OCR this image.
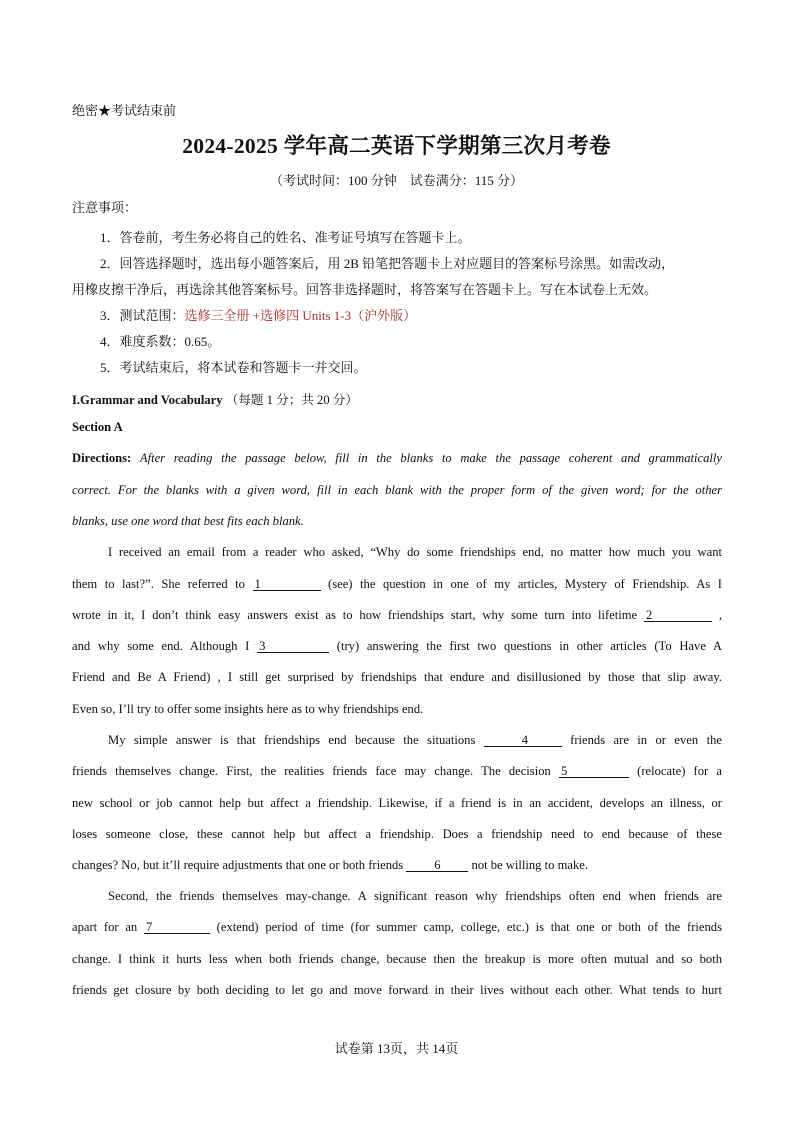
绝密★考试结束前
2024-2025 学年高二英语下学期第三次月考卷
（考试时间：100 分钟　试卷满分：115 分）
注意事项：
1．答卷前，考生务必将自己的姓名、准考证号填写在答题卡上。
2．回答选择题时，选出每小题答案后，用 2B 铅笔把答题卡上对应题目的答案标号涂黑。如需改动，
用橡皮擦干净后，再选涂其他答案标号。回答非选择题时，将答案写在答题卡上。写在本试卷上无效。
3．测试范围：选修三全册 +选修四 Units 1-3（沪外版）
4．难度系数：0.65。
5．考试结束后，将本试卷和答题卡一并交回。
I.Grammar and Vocabulary （每题 1 分；共 20 分）
Section A
Directions: After reading the passage below, fill in the blanks to make the passage coherent and grammatically
correct. For the blanks with a given word, fill in each blank with the proper form of the given word; for the other
blanks, use one word that best fits each blank.
I received an email from a reader who asked, “Why do some friendships end, no matter how much you want
them to last?”. She referred to 1	(see) the question in one of my articles, Mystery of Friendship. As I
wrote in it, I don’t think easy answers exist as to how friendships start, why some turn into lifetime 2	,
and why some end. Although I 3	(try) answering the first two questions in other articles (To Have A
Friend and Be A Friend) , I still get surprised by friendships that endure and disillusioned by those that slip away.
Even so, I’ll try to offer some insights here as to why friendships end.
My simple answer is that friendships end because the situations	4	friends are in or even the
friends themselves change. First, the realities friends face may change. The decision 5	(relocate) for a
new school or job cannot help but affect a friendship. Likewise, if a friend is in an accident, develops an illness, or
loses someone close, these cannot help but affect a friendship. Does a friendship need to end because of these
changes? No, but it’ll require adjustments that one or both friends 6 not be willing to make.
Second, the friends themselves may-change. A significant reason why friendships often end when friends are
apart for an 7	(extend) period of time (for summer camp, college, etc.) is that one or both of the friends
change. I think it hurts less when both friends change, because then the breakup is more often mutual and so both
friends get closure by both deciding to let go and move forward in their lives without each other. What tends to hurt
试卷第 13页，共 14页
